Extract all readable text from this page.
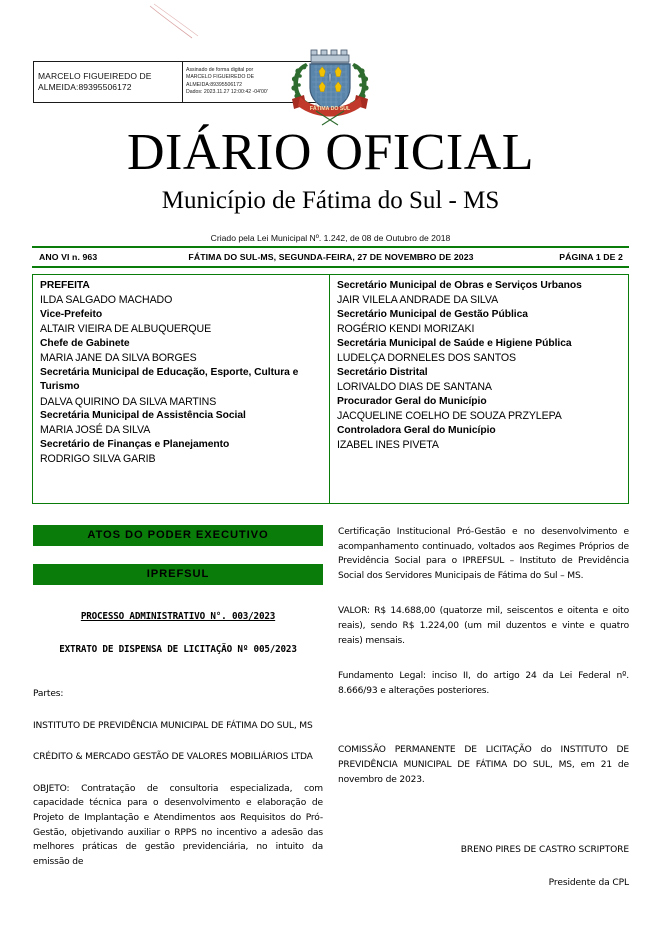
MARCELO FIGUEIREDO DE
ALMEIDA:89395506172
Assinado de forma digital por
MARCELO FIGUEIREDO DE
ALMEIDA:89395506172
Dados: 2023.11.27 12:00:42 -04'00'
FÁTIMA DO SUL
DIÁRIO OFICIAL
Município de Fátima do Sul - MS
Criado pela Lei Municipal Nº. 1.242, de 08 de Outubro de 2018
ANO VI n. 963	FÁTIMA DO SUL-MS, SEGUNDA-FEIRA, 27 DE NOVEMBRO DE 2023	PÁGINA 1 DE 2
PREFEITA
ILDA SALGADO MACHADO
Vice-Prefeito
ALTAIR VIEIRA DE ALBUQUERQUE
Chefe de Gabinete
MARIA JANE DA SILVA BORGES
Secretária Municipal de Educação, Esporte, Cultura e Turismo
DALVA QUIRINO DA SILVA MARTINS
Secretária Municipal de Assistência Social
MARIA JOSÉ DA SILVA
Secretário de Finanças e Planejamento
RODRIGO SILVA GARIB
Secretário Municipal de Obras e Serviços Urbanos
JAIR VILELA ANDRADE DA SILVA
Secretário Municipal de Gestão Pública
ROGÉRIO KENDI MORIZAKI
Secretária Municipal de Saúde e Higiene Pública
LUDELÇA DORNELES DOS SANTOS
Secretário Distrital
LORIVALDO DIAS DE SANTANA
Procurador Geral do Município
JACQUELINE COELHO DE SOUZA PRZYLEPA
Controladora Geral do Município
IZABEL INES PIVETA
ATOS DO PODER EXECUTIVO
IPREFSUL
PROCESSO ADMINISTRATIVO N°. 003/2023
EXTRATO DE DISPENSA DE LICITAÇÃO Nº 005/2023
Partes:
INSTITUTO DE PREVIDÊNCIA MUNICIPAL DE FÁTIMA DO SUL, MS
CRÉDITO & MERCADO GESTÃO DE VALORES MOBILIÁRIOS LTDA
OBJETO: Contratação de consultoria especializada, com capacidade técnica para o desenvolvimento e elaboração de Projeto de Implantação e Atendimentos aos Requisitos do Pró-Gestão, objetivando auxiliar o RPPS no incentivo a adesão das melhores práticas de gestão previdenciária, no intuito da emissão de
Certificação Institucional Pró-Gestão e no desenvolvimento e acompanhamento continuado, voltados aos Regimes Próprios de Previdência Social para o IPREFSUL – Instituto de Previdência Social dos Servidores Municipais de Fátima do Sul – MS.
VALOR: R$ 14.688,00 (quatorze mil, seiscentos e oitenta e oito reais), sendo R$ 1.224,00 (um mil duzentos e vinte e quatro reais) mensais.
Fundamento Legal: inciso II, do artigo 24 da Lei Federal nº. 8.666/93 e alterações posteriores.
COMISSÃO PERMANENTE DE LICITAÇÃO do INSTITUTO DE PREVIDÊNCIA MUNICIPAL DE FÁTIMA DO SUL, MS, em 21 de novembro de 2023.
BRENO PIRES DE CASTRO SCRIPTORE
Presidente da CPL
